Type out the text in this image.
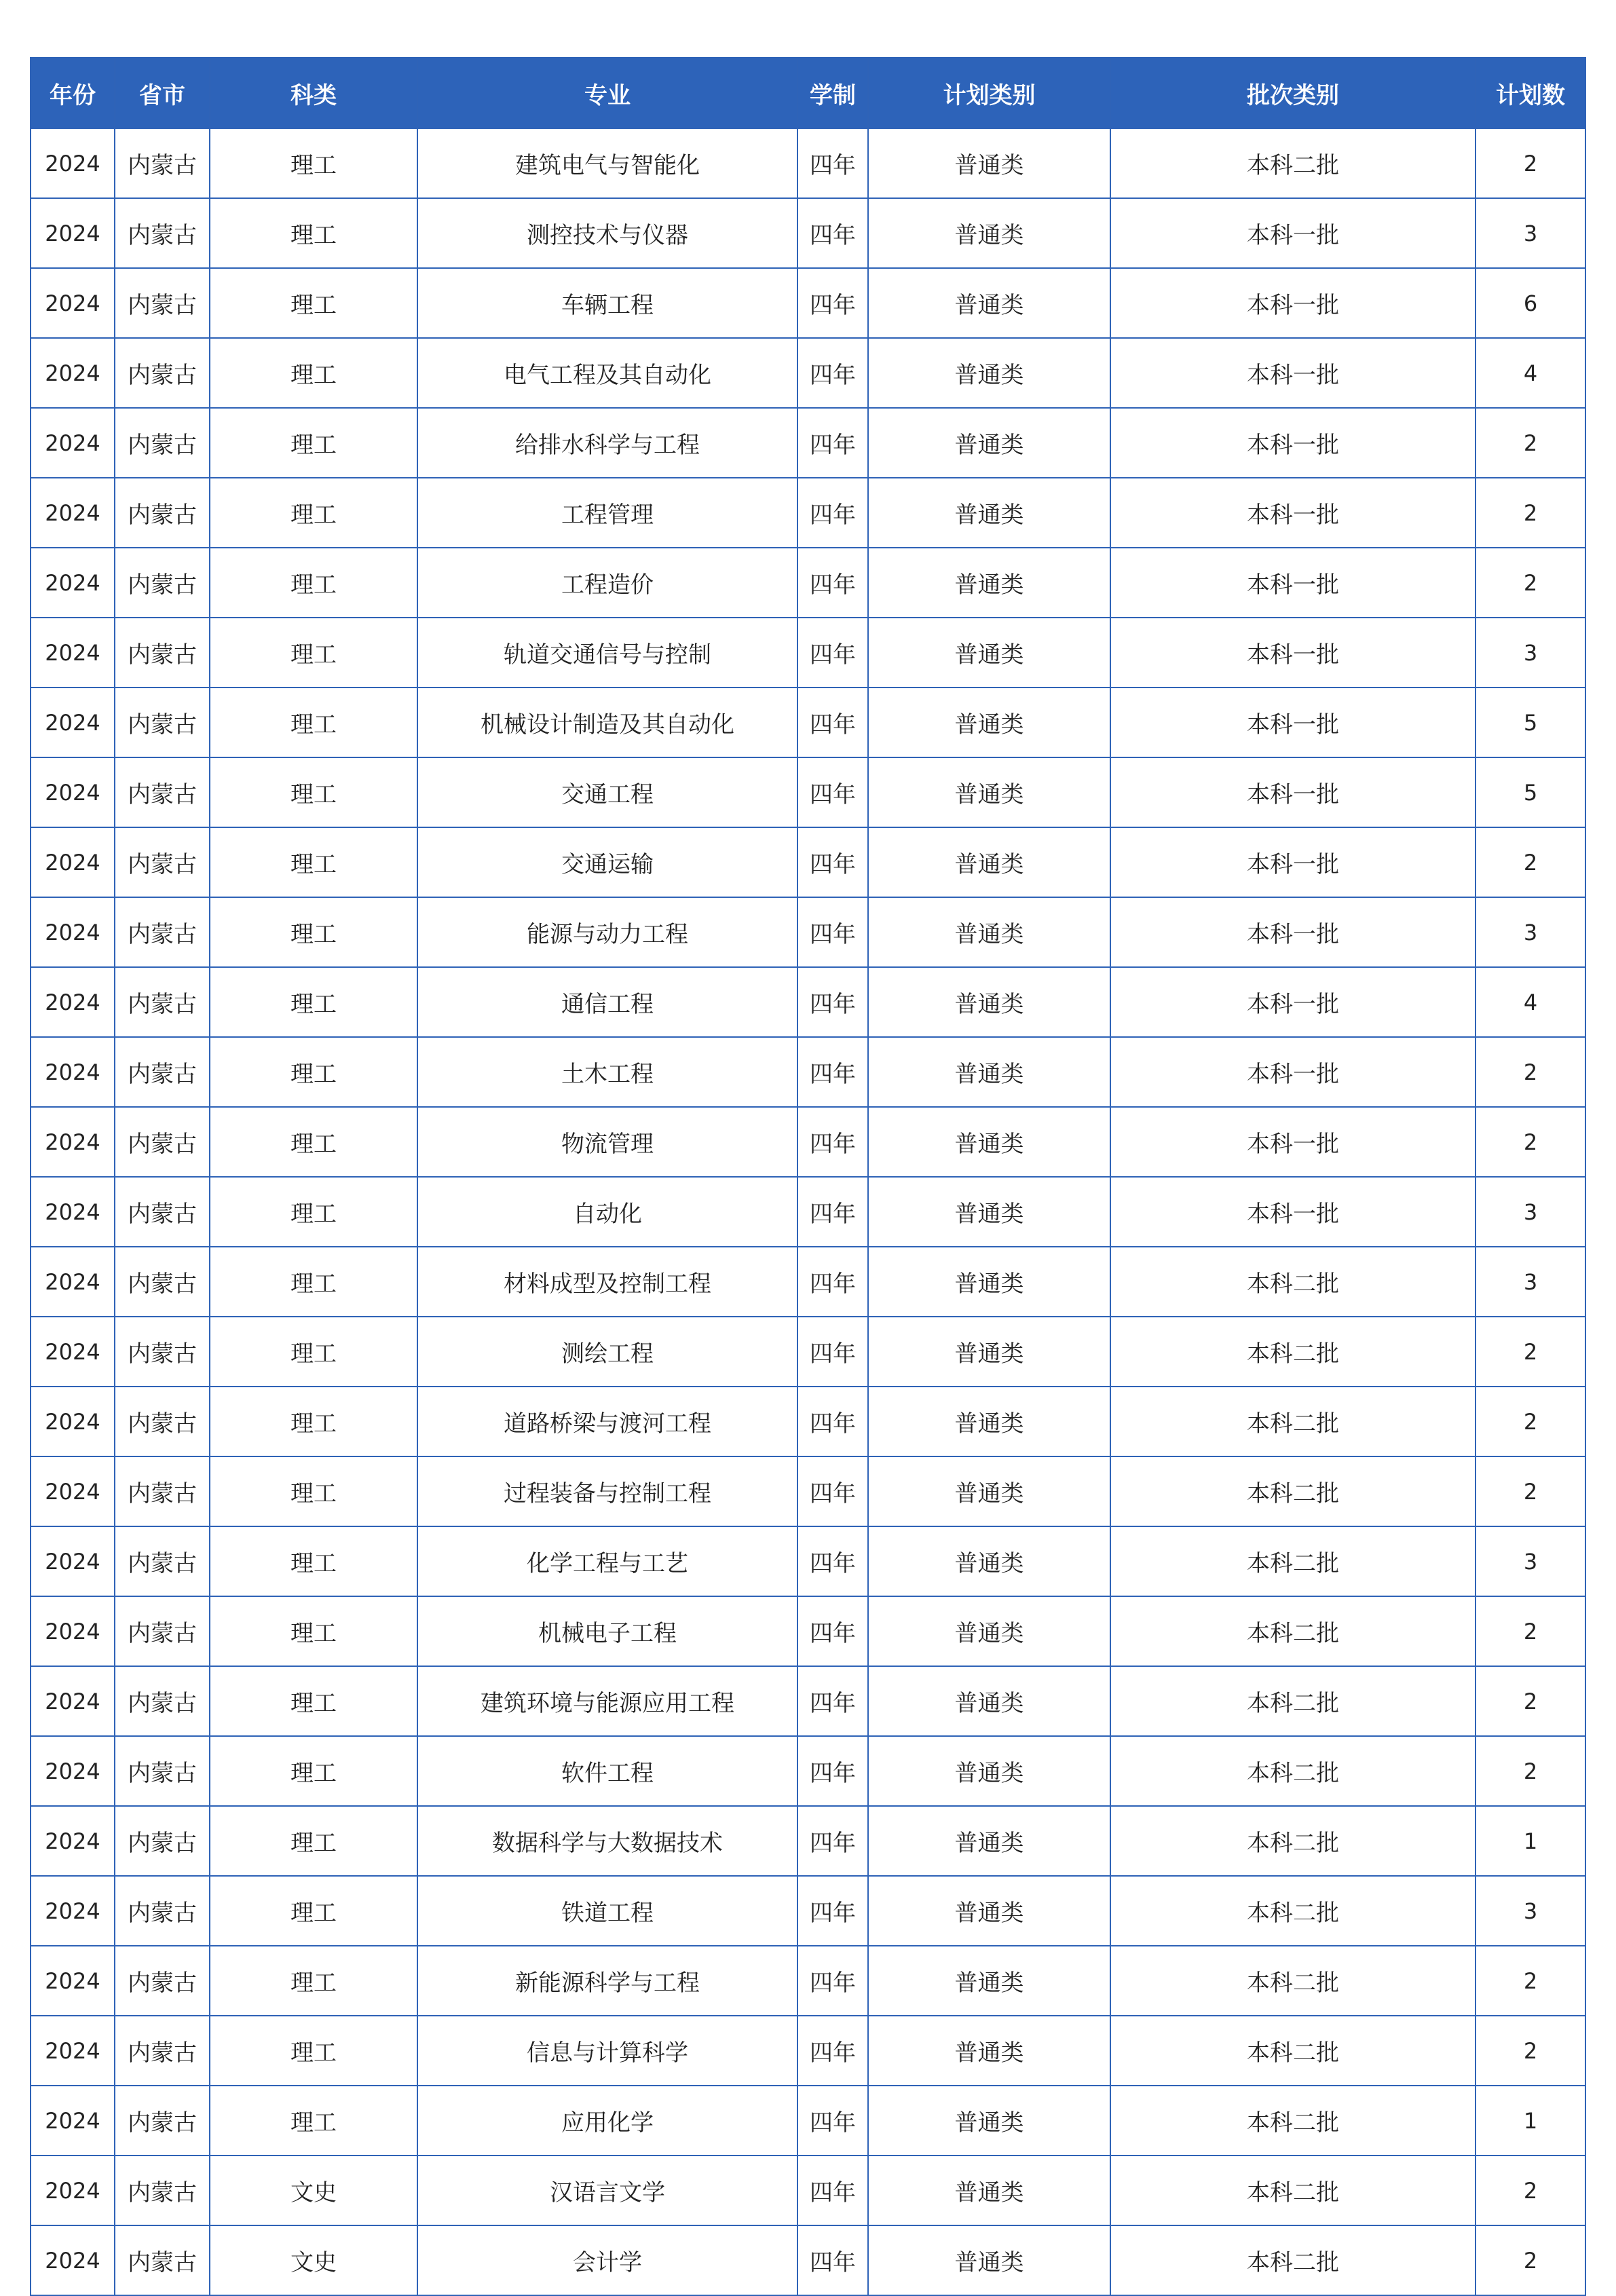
年份	省市	科类	专业	学制	计划类别	批次类别	计划数
2024	内蒙古	理工	建筑电气与智能化	四年	普通类	本科二批	2
2024	内蒙古	理工	测控技术与仪器	四年	普通类	本科一批	3
2024	内蒙古	理工	车辆工程	四年	普通类	本科一批	6
2024	内蒙古	理工	电气工程及其自动化	四年	普通类	本科一批	4
2024	内蒙古	理工	给排水科学与工程	四年	普通类	本科一批	2
2024	内蒙古	理工	工程管理	四年	普通类	本科一批	2
2024	内蒙古	理工	工程造价	四年	普通类	本科一批	2
2024	内蒙古	理工	轨道交通信号与控制	四年	普通类	本科一批	3
2024	内蒙古	理工	机械设计制造及其自动化	四年	普通类	本科一批	5
2024	内蒙古	理工	交通工程	四年	普通类	本科一批	5
2024	内蒙古	理工	交通运输	四年	普通类	本科一批	2
2024	内蒙古	理工	能源与动力工程	四年	普通类	本科一批	3
2024	内蒙古	理工	通信工程	四年	普通类	本科一批	4
2024	内蒙古	理工	土木工程	四年	普通类	本科一批	2
2024	内蒙古	理工	物流管理	四年	普通类	本科一批	2
2024	内蒙古	理工	自动化	四年	普通类	本科一批	3
2024	内蒙古	理工	材料成型及控制工程	四年	普通类	本科二批	3
2024	内蒙古	理工	测绘工程	四年	普通类	本科二批	2
2024	内蒙古	理工	道路桥梁与渡河工程	四年	普通类	本科二批	2
2024	内蒙古	理工	过程装备与控制工程	四年	普通类	本科二批	2
2024	内蒙古	理工	化学工程与工艺	四年	普通类	本科二批	3
2024	内蒙古	理工	机械电子工程	四年	普通类	本科二批	2
2024	内蒙古	理工	建筑环境与能源应用工程	四年	普通类	本科二批	2
2024	内蒙古	理工	软件工程	四年	普通类	本科二批	2
2024	内蒙古	理工	数据科学与大数据技术	四年	普通类	本科二批	1
2024	内蒙古	理工	铁道工程	四年	普通类	本科二批	3
2024	内蒙古	理工	新能源科学与工程	四年	普通类	本科二批	2
2024	内蒙古	理工	信息与计算科学	四年	普通类	本科二批	2
2024	内蒙古	理工	应用化学	四年	普通类	本科二批	1
2024	内蒙古	文史	汉语言文学	四年	普通类	本科二批	2
2024	内蒙古	文史	会计学	四年	普通类	本科二批	2
